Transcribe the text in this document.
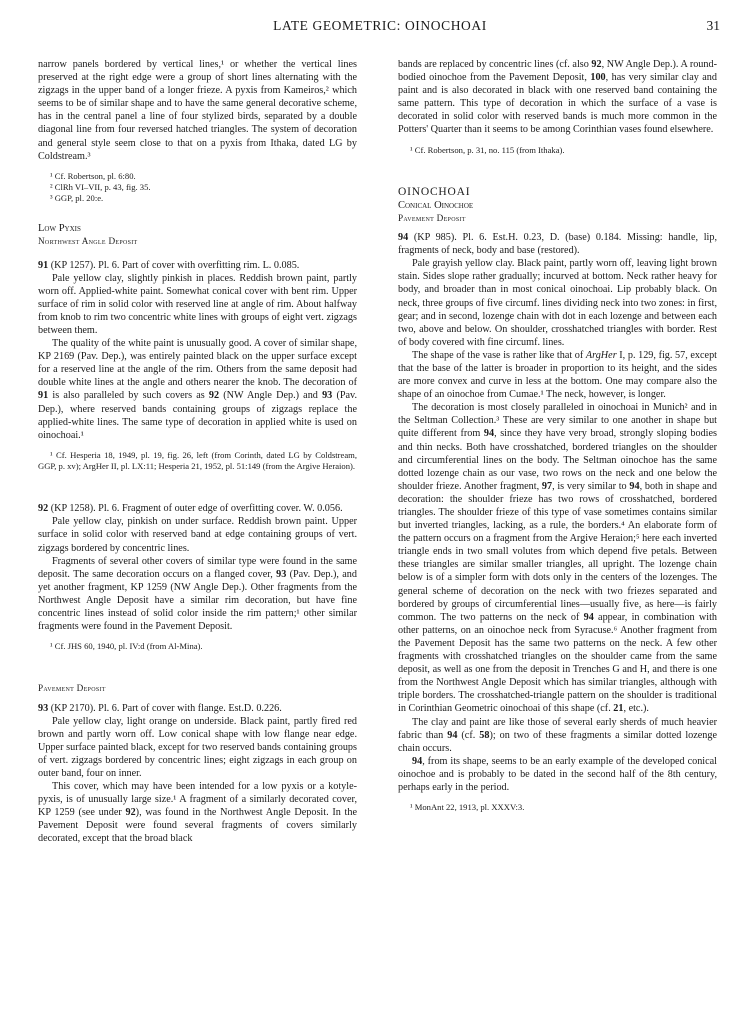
LATE GEOMETRIC: OINOCHOAI	31

narrow panels bordered by vertical lines,¹ or whether the vertical lines preserved at the right edge were a group of short lines alternating with the zigzags in the upper band of a longer frieze. A pyxis from Kameiros,² which seems to be of similar shape and to have the same general decorative scheme, has in the central panel a line of four stylized birds, separated by a double diagonal line from four reversed hatched triangles. The system of decoration and general style seem close to that on a pyxis from Ithaka, dated LG by Coldstream.³

¹ Cf. Robertson, pl. 6:80.

² ClRh VI–VII, p. 43, fig. 35.

³ GGP, pl. 20:e.

Low Pyxis

Northwest Angle Deposit

91 (KP 1257). Pl. 6. Part of cover with overfitting rim. L. 0.085.

Pale yellow clay, slightly pinkish in places. Reddish brown paint, partly worn off. Applied-white paint. Somewhat conical cover with bent rim. Upper surface of rim in solid color with reserved line at angle of rim. About halfway from knob to rim two concentric white lines with groups of eight vert. zigzags between them.

The quality of the white paint is unusually good. A cover of similar shape, KP 2169 (Pav. Dep.), was entirely painted black on the upper surface except for a reserved line at the angle of the rim. Others from the same deposit had double white lines at the angle and others nearer the knob. The decoration of 91 is also paralleled by such covers as 92 (NW Angle Dep.) and 93 (Pav. Dep.), where reserved bands containing groups of zigzags replace the applied-white lines. The same type of decoration in applied white is used on oinochoai.¹

¹ Cf. Hesperia 18, 1949, pl. 19, fig. 26, left (from Corinth, dated LG by Coldstream, GGP, p. xv); ArgHer II, pl. LX:11; Hesperia 21, 1952, pl. 51:149 (from the Argive Heraion).

92 (KP 1258). Pl. 6. Fragment of outer edge of overfitting cover. W. 0.056.

Pale yellow clay, pinkish on under surface. Reddish brown paint. Upper surface in solid color with reserved band at edge containing groups of vert. zigzags bordered by concentric lines.

Fragments of several other covers of similar type were found in the same deposit. The same decoration occurs on a flanged cover, 93 (Pav. Dep.), and yet another fragment, KP 1259 (NW Angle Dep.). Other fragments from the Northwest Angle Deposit have a similar rim decoration, but have fine concentric lines instead of solid color inside the rim pattern;¹ other similar fragments were found in the Pavement Deposit.

¹ Cf. JHS 60, 1940, pl. IV:d (from Al-Mina).

Pavement Deposit

93 (KP 2170). Pl. 6. Part of cover with flange. Est.D. 0.226.

Pale yellow clay, light orange on underside. Black paint, partly fired red brown and partly worn off. Low conical shape with low flange near edge. Upper surface painted black, except for two reserved bands containing groups of vert. zigzags bordered by concentric lines; eight zigzags in each group on outer band, four on inner.

This cover, which may have been intended for a low pyxis or a kotyle-pyxis, is of unusually large size.¹ A fragment of a similarly decorated cover, KP 1259 (see under 92), was found in the Northwest Angle Deposit. In the Pavement Deposit were found several fragments of covers similarly decorated, except that the broad black

bands are replaced by concentric lines (cf. also 92, NW Angle Dep.). A round-bodied oinochoe from the Pavement Deposit, 100, has very similar clay and paint and is also decorated in black with one reserved band containing the same pattern. This type of decoration in which the surface of a vase is decorated in solid color with reserved bands is much more common in the Potters' Quarter than it seems to be among Corinthian vases found elsewhere.

¹ Cf. Robertson, p. 31, no. 115 (from Ithaka).

OINOCHOAI

Conical Oinochoe

Pavement Deposit

94 (KP 985). Pl. 6. Est.H. 0.23, D. (base) 0.184. Missing: handle, lip, fragments of neck, body and base (restored).

Pale grayish yellow clay. Black paint, partly worn off, leaving light brown stain. Sides slope rather gradually; incurved at bottom. Neck rather heavy for body, and broader than in most conical oinochoai. Lip probably black. On neck, three groups of five circumf. lines dividing neck into two zones: in first, gear; and in second, lozenge chain with dot in each lozenge and between each two, above and below. On shoulder, crosshatched triangles with border. Rest of body covered with fine circumf. lines.

The shape of the vase is rather like that of ArgHer I, p. 129, fig. 57, except that the base of the latter is broader in proportion to its height, and the sides are more convex and curve in less at the bottom. One may compare also the shape of an oinochoe from Cumae.¹ The neck, however, is longer.

The decoration is most closely paralleled in oinochoai in Munich² and in the Seltman Collection.³ These are very similar to one another in shape but quite different from 94, since they have very broad, strongly sloping bodies and thin necks. Both have crosshatched, bordered triangles on the shoulder and circumferential lines on the body. The Seltman oinochoe has the same dotted lozenge chain as our vase, two rows on the neck and one below the shoulder frieze. Another fragment, 97, is very similar to 94, both in shape and decoration: the shoulder frieze has two rows of crosshatched, bordered triangles. The shoulder frieze of this type of vase sometimes contains similar but inverted triangles, lacking, as a rule, the borders.⁴ An elaborate form of the pattern occurs on a fragment from the Argive Heraion;⁵ here each inverted triangle ends in two small volutes from which depend five petals. Between these triangles are similar smaller triangles, all upright. The lozenge chain below is of a simpler form with dots only in the centers of the lozenges. The general scheme of decoration on the neck with two friezes separated and bordered by groups of circumferential lines—usually five, as here—is fairly common. The two patterns on the neck of 94 appear, in combination with other patterns, on an oinochoe neck from Syracuse.⁶ Another fragment from the Pavement Deposit has the same two patterns on the neck. A few other fragments with crosshatched triangles on the shoulder came from the same deposit, as well as one from the deposit in Trenches G and H, and there is one from the Northwest Angle Deposit which has similar triangles, although with triple borders. The crosshatched-triangle pattern on the shoulder is traditional in Corinthian Geometric oinochoai of this shape (cf. 21, etc.).

The clay and paint are like those of several early sherds of much heavier fabric than 94 (cf. 58); on two of these fragments a similar dotted lozenge chain occurs.

94, from its shape, seems to be an early example of the developed conical oinochoe and is probably to be dated in the second half of the 8th century, perhaps early in the period.

¹ MonAnt 22, 1913, pl. XXXV:3.
